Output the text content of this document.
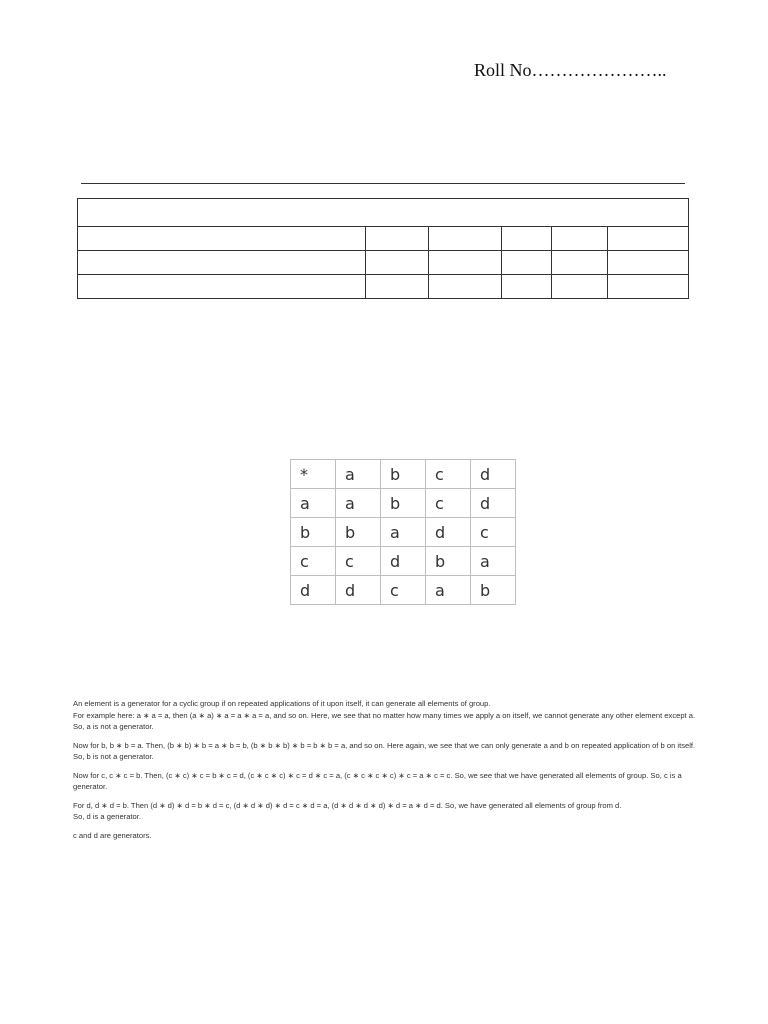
Roll No…………………..

*	a	b	c	d
a	a	b	c	d
b	b	a	d	c
c	c	d	b	a
d	d	c	a	b

An element is a generator for a cyclic group if on repeated applications of it upon itself, it can generate all elements of group.
For example here: a ∗ a = a, then (a ∗ a) ∗ a = a ∗ a = a, and so on. Here, we see that no matter how many times we apply a on itself, we cannot generate any other element except a. So, a is not a generator.

Now for b, b ∗ b = a. Then, (b ∗ b) ∗ b = a ∗ b = b, (b ∗ b ∗ b) ∗ b = b ∗ b = a, and so on. Here again, we see that we can only generate a and b on repeated application of b on itself. So, b is not a generator.

Now for c, c ∗ c = b. Then, (c ∗ c) ∗ c = b ∗ c = d, (c ∗ c ∗ c) ∗ c = d ∗ c = a, (c ∗ c ∗ c ∗ c) ∗ c = a ∗ c = c. So, we see that we have generated all elements of group. So, c is a generator.

For d, d ∗ d = b. Then (d ∗ d) ∗ d = b ∗ d = c, (d ∗ d ∗ d) ∗ d = c ∗ d = a, (d ∗ d ∗ d ∗ d) ∗ d = a ∗ d = d. So, we have generated all elements of group from d.
So, d is a generator.

c and d are generators.
